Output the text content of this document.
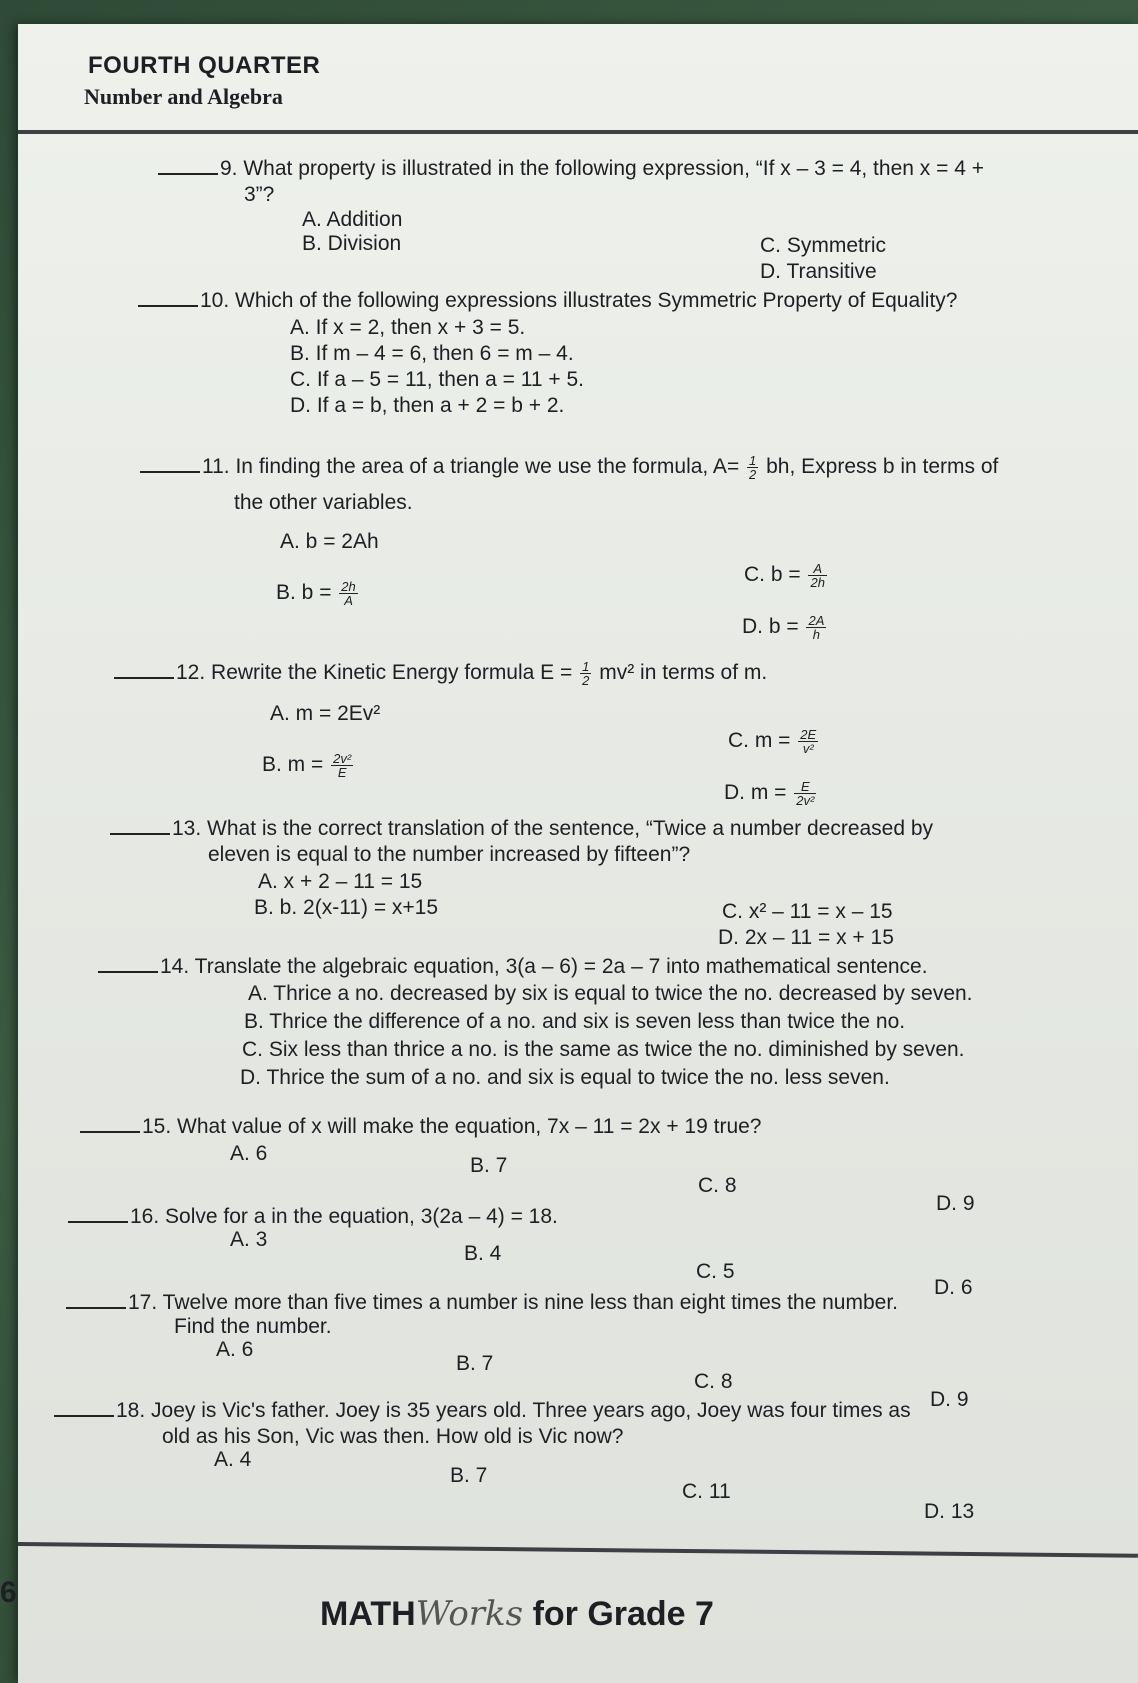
FOURTH QUARTER
Number and Algebra
9. What property is illustrated in the following expression, “If x – 3 = 4, then x = 4 +
3”?
A. Addition
B. Division	C. Symmetric
D. Transitive
10. Which of the following expressions illustrates Symmetric Property of Equality?
A. If x = 2, then x + 3 = 5.
B. If m – 4 = 6, then 6 = m – 4.
C. If a – 5 = 11, then a = 11 + 5.
D. If a = b, then a + 2 = b + 2.
11. In finding the area of a triangle we use the formula, $A= \frac{1}{2}$ bh, Express b in terms of
the other variables.
A. b = 2Ah
B. $b = \frac{2h}{A}$
C. $b = \frac{A}{2h}$
D. $b = \frac{2A}{h}$
12. Rewrite the Kinetic Energy formula $E = \frac{1}{2} mv^2$ in terms of m.
A. m = 2Ev²
B. $m = \frac{\text{2v²}}{E}$
C. $m = \frac{2E}{\text{v²}}$
D. $m = \frac{E}{\text{2v²}}$
13. What is the correct translation of the sentence, “Twice a number decreased by
eleven is equal to the number increased by fifteen”?
A. x + 2 – 11 = 15
B. b. 2(x-11) = x+15	C. x² – 11 = x – 15
D. 2x – 11 = x + 15
14. Translate the algebraic equation, 3(a – 6) = 2a – 7 into mathematical sentence.
A. Thrice a no. decreased by six is equal to twice the no. decreased by seven.
B. Thrice the difference of a no. and six is seven less than twice the no.
C. Six less than thrice a no. is the same as twice the no. diminished by seven.
D. Thrice the sum of a no. and six is equal to twice the no. less seven.
15. What value of x will make the equation, 7x – 11 = 2x + 19 true?
A. 6
B. 7
C. 8
D. 9
16. Solve for a in the equation, 3(2a – 4) = 18.
A. 3
B. 4
C. 5
D. 6
17. Twelve more than five times a number is nine less than eight times the number.
Find the number.
A. 6
B. 7
C. 8
D. 9
18. Joey is Vic's father. Joey is 35 years old. Three years ago, Joey was four times as
old as his Son, Vic was then. How old is Vic now?
A. 4
B. 7
C. 11
D. 13
6
MATHWorks for Grade 7
